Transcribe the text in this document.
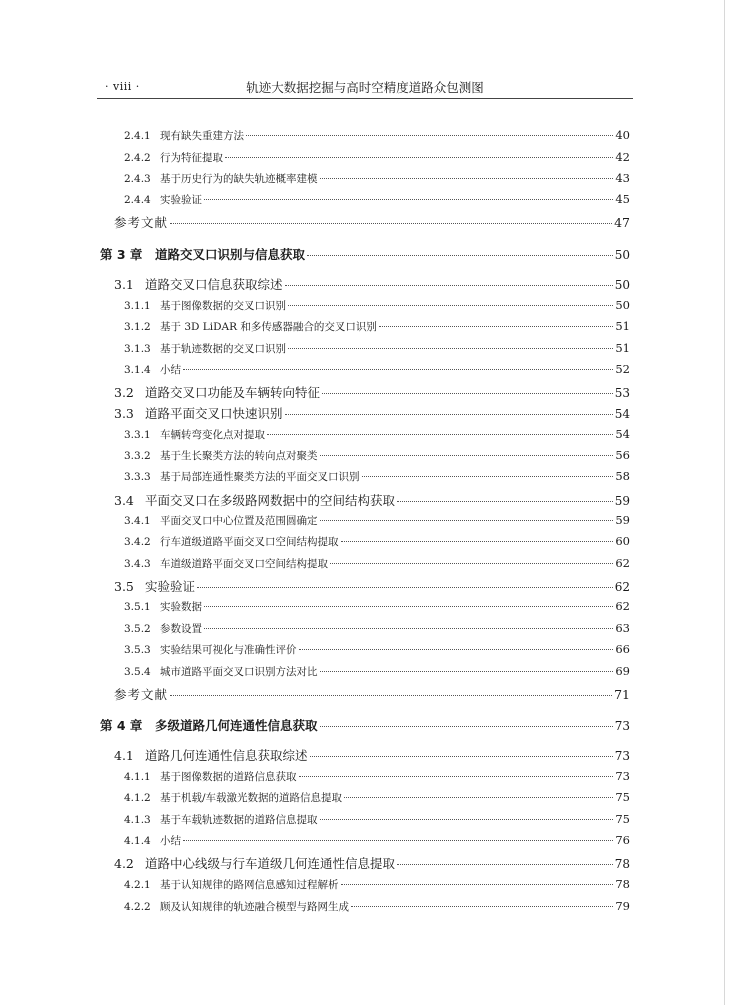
· viii ·	轨迹大数据挖掘与高时空精度道路众包测图
2.4.1 现有缺失重建方法	40
2.4.2 行为特征提取	42
2.4.3 基于历史行为的缺失轨迹概率建模	43
2.4.4 实验验证	45
参考文献	47
第 3 章	道路交叉口识别与信息获取	50
3.1 道路交叉口信息获取综述	50
3.1.1 基于图像数据的交叉口识别	50
3.1.2 基于 3D LiDAR 和多传感器融合的交叉口识别	51
3.1.3 基于轨迹数据的交叉口识别	51
3.1.4 小结	52
3.2 道路交叉口功能及车辆转向特征	53
3.3 道路平面交叉口快速识别	54
3.3.1 车辆转弯变化点对提取	54
3.3.2 基于生长聚类方法的转向点对聚类	56
3.3.3 基于局部连通性聚类方法的平面交叉口识别	58
3.4 平面交叉口在多级路网数据中的空间结构获取	59
3.4.1 平面交叉口中心位置及范围圆确定	59
3.4.2 行车道级道路平面交叉口空间结构提取	60
3.4.3 车道级道路平面交叉口空间结构提取	62
3.5 实验验证	62
3.5.1 实验数据	62
3.5.2 参数设置	63
3.5.3 实验结果可视化与准确性评价	66
3.5.4 城市道路平面交叉口识别方法对比	69
参考文献	71
第 4 章	多级道路几何连通性信息获取	73
4.1 道路几何连通性信息获取综述	73
4.1.1 基于图像数据的道路信息获取	73
4.1.2 基于机载/车载激光数据的道路信息提取	75
4.1.3 基于车载轨迹数据的道路信息提取	75
4.1.4 小结	76
4.2 道路中心线级与行车道级几何连通性信息提取	78
4.2.1 基于认知规律的路网信息感知过程解析	78
4.2.2 顾及认知规律的轨迹融合模型与路网生成	79
